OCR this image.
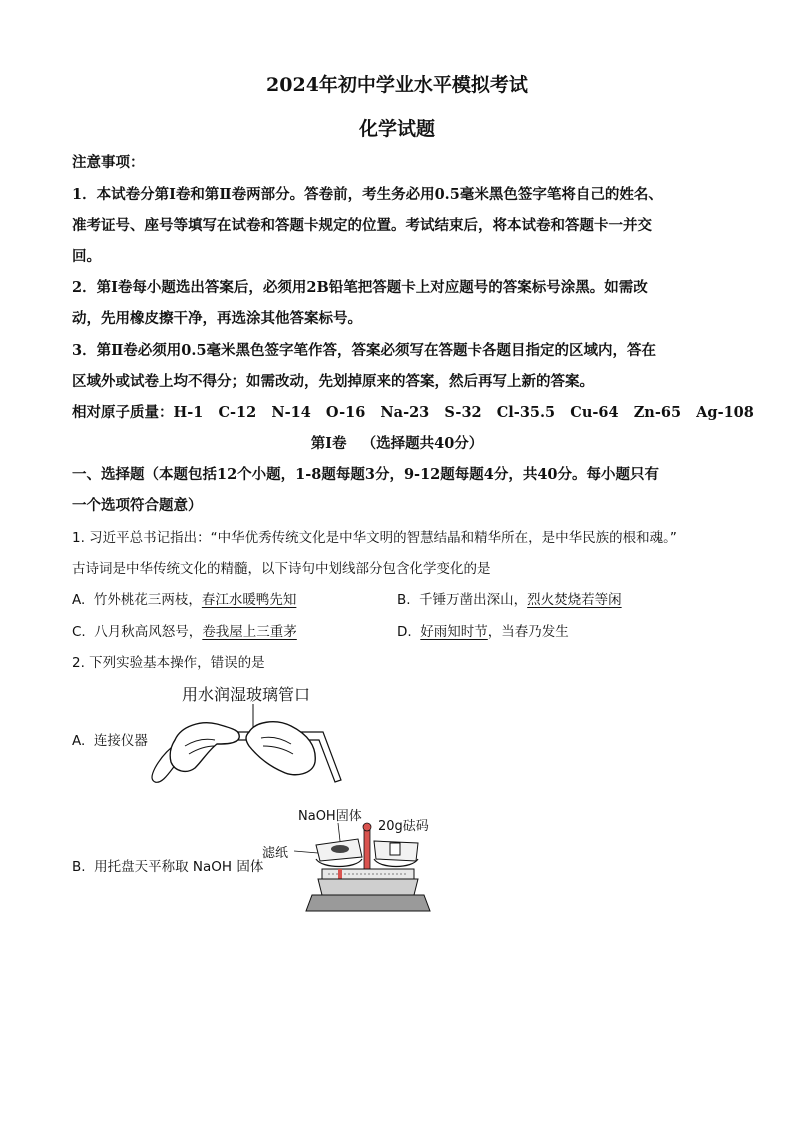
2024年初中学业水平模拟考试
化学试题
注意事项：
1．本试卷分第Ⅰ卷和第Ⅱ卷两部分。答卷前，考生务必用0.5毫米黑色签字笔将自己的姓名、
准考证号、座号等填写在试卷和答题卡规定的位置。考试结束后，将本试卷和答题卡一并交
回。
2．第Ⅰ卷每小题选出答案后，必须用2B铅笔把答题卡上对应题号的答案标号涂黑。如需改
动，先用橡皮擦干净，再选涂其他答案标号。
3．第Ⅱ卷必须用0.5毫米黑色签字笔作答，答案必须写在答题卡各题目指定的区域内，答在
区域外或试卷上均不得分；如需改动，先划掉原来的答案，然后再写上新的答案。
相对原子质量：H-1   C-12   N-14   O-16   Na-23   S-32   Cl-35.5   Cu-64   Zn-65   Ag-108
第Ⅰ卷   （选择题共40分）
一、选择题（本题包括12个小题，1-8题每题3分，9-12题每题4分，共40分。每小题只有
一个选项符合题意）
1. 习近平总书记指出：“中华优秀传统文化是中华文明的智慧结晶和精华所在，是中华民族的根和魂。”
古诗词是中华传统文化的精髓，以下诗句中划线部分包含化学变化的是
A.  竹外桃花三两枝，春江水暖鸭先知	B.  千锤万凿出深山，烈火焚烧若等闲
C.  八月秋高风怒号，卷我屋上三重茅	D.  好雨知时节，当春乃发生
2. 下列实验基本操作，错误的是
A.  连接仪器
用水润湿玻璃管口
B.  用托盘天平称取 NaOH 固体
NaOH固体
20g砝码
滤纸
